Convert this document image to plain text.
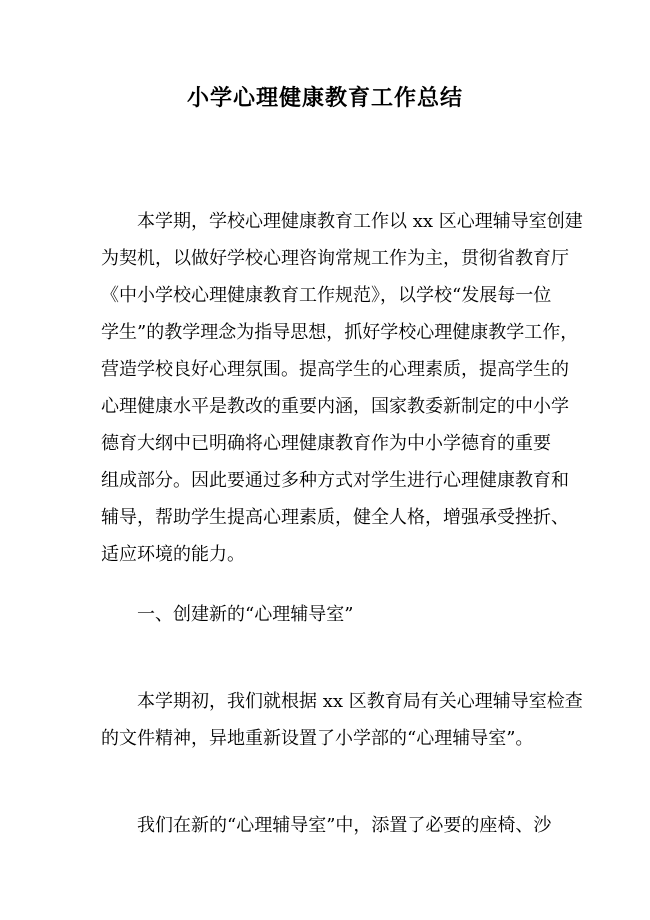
小学心理健康教育工作总结
本学期，学校心理健康教育工作以 xx 区心理辅导室创建
为契机，以做好学校心理咨询常规工作为主，贯彻省教育厅
《中小学校心理健康教育工作规范》，以学校“发展每一位
学生”的教学理念为指导思想，抓好学校心理健康教学工作，
营造学校良好心理氛围。提高学生的心理素质，提高学生的
心理健康水平是教改的重要内涵，国家教委新制定的中小学
德育大纲中已明确将心理健康教育作为中小学德育的重要
组成部分。因此要通过多种方式对学生进行心理健康教育和
辅导，帮助学生提高心理素质，健全人格，增强承受挫折、
适应环境的能力。
一、创建新的“心理辅导室”
本学期初，我们就根据 xx 区教育局有关心理辅导室检查
的文件精神，异地重新设置了小学部的“心理辅导室”。
我们在新的“心理辅导室”中，添置了必要的座椅、沙
